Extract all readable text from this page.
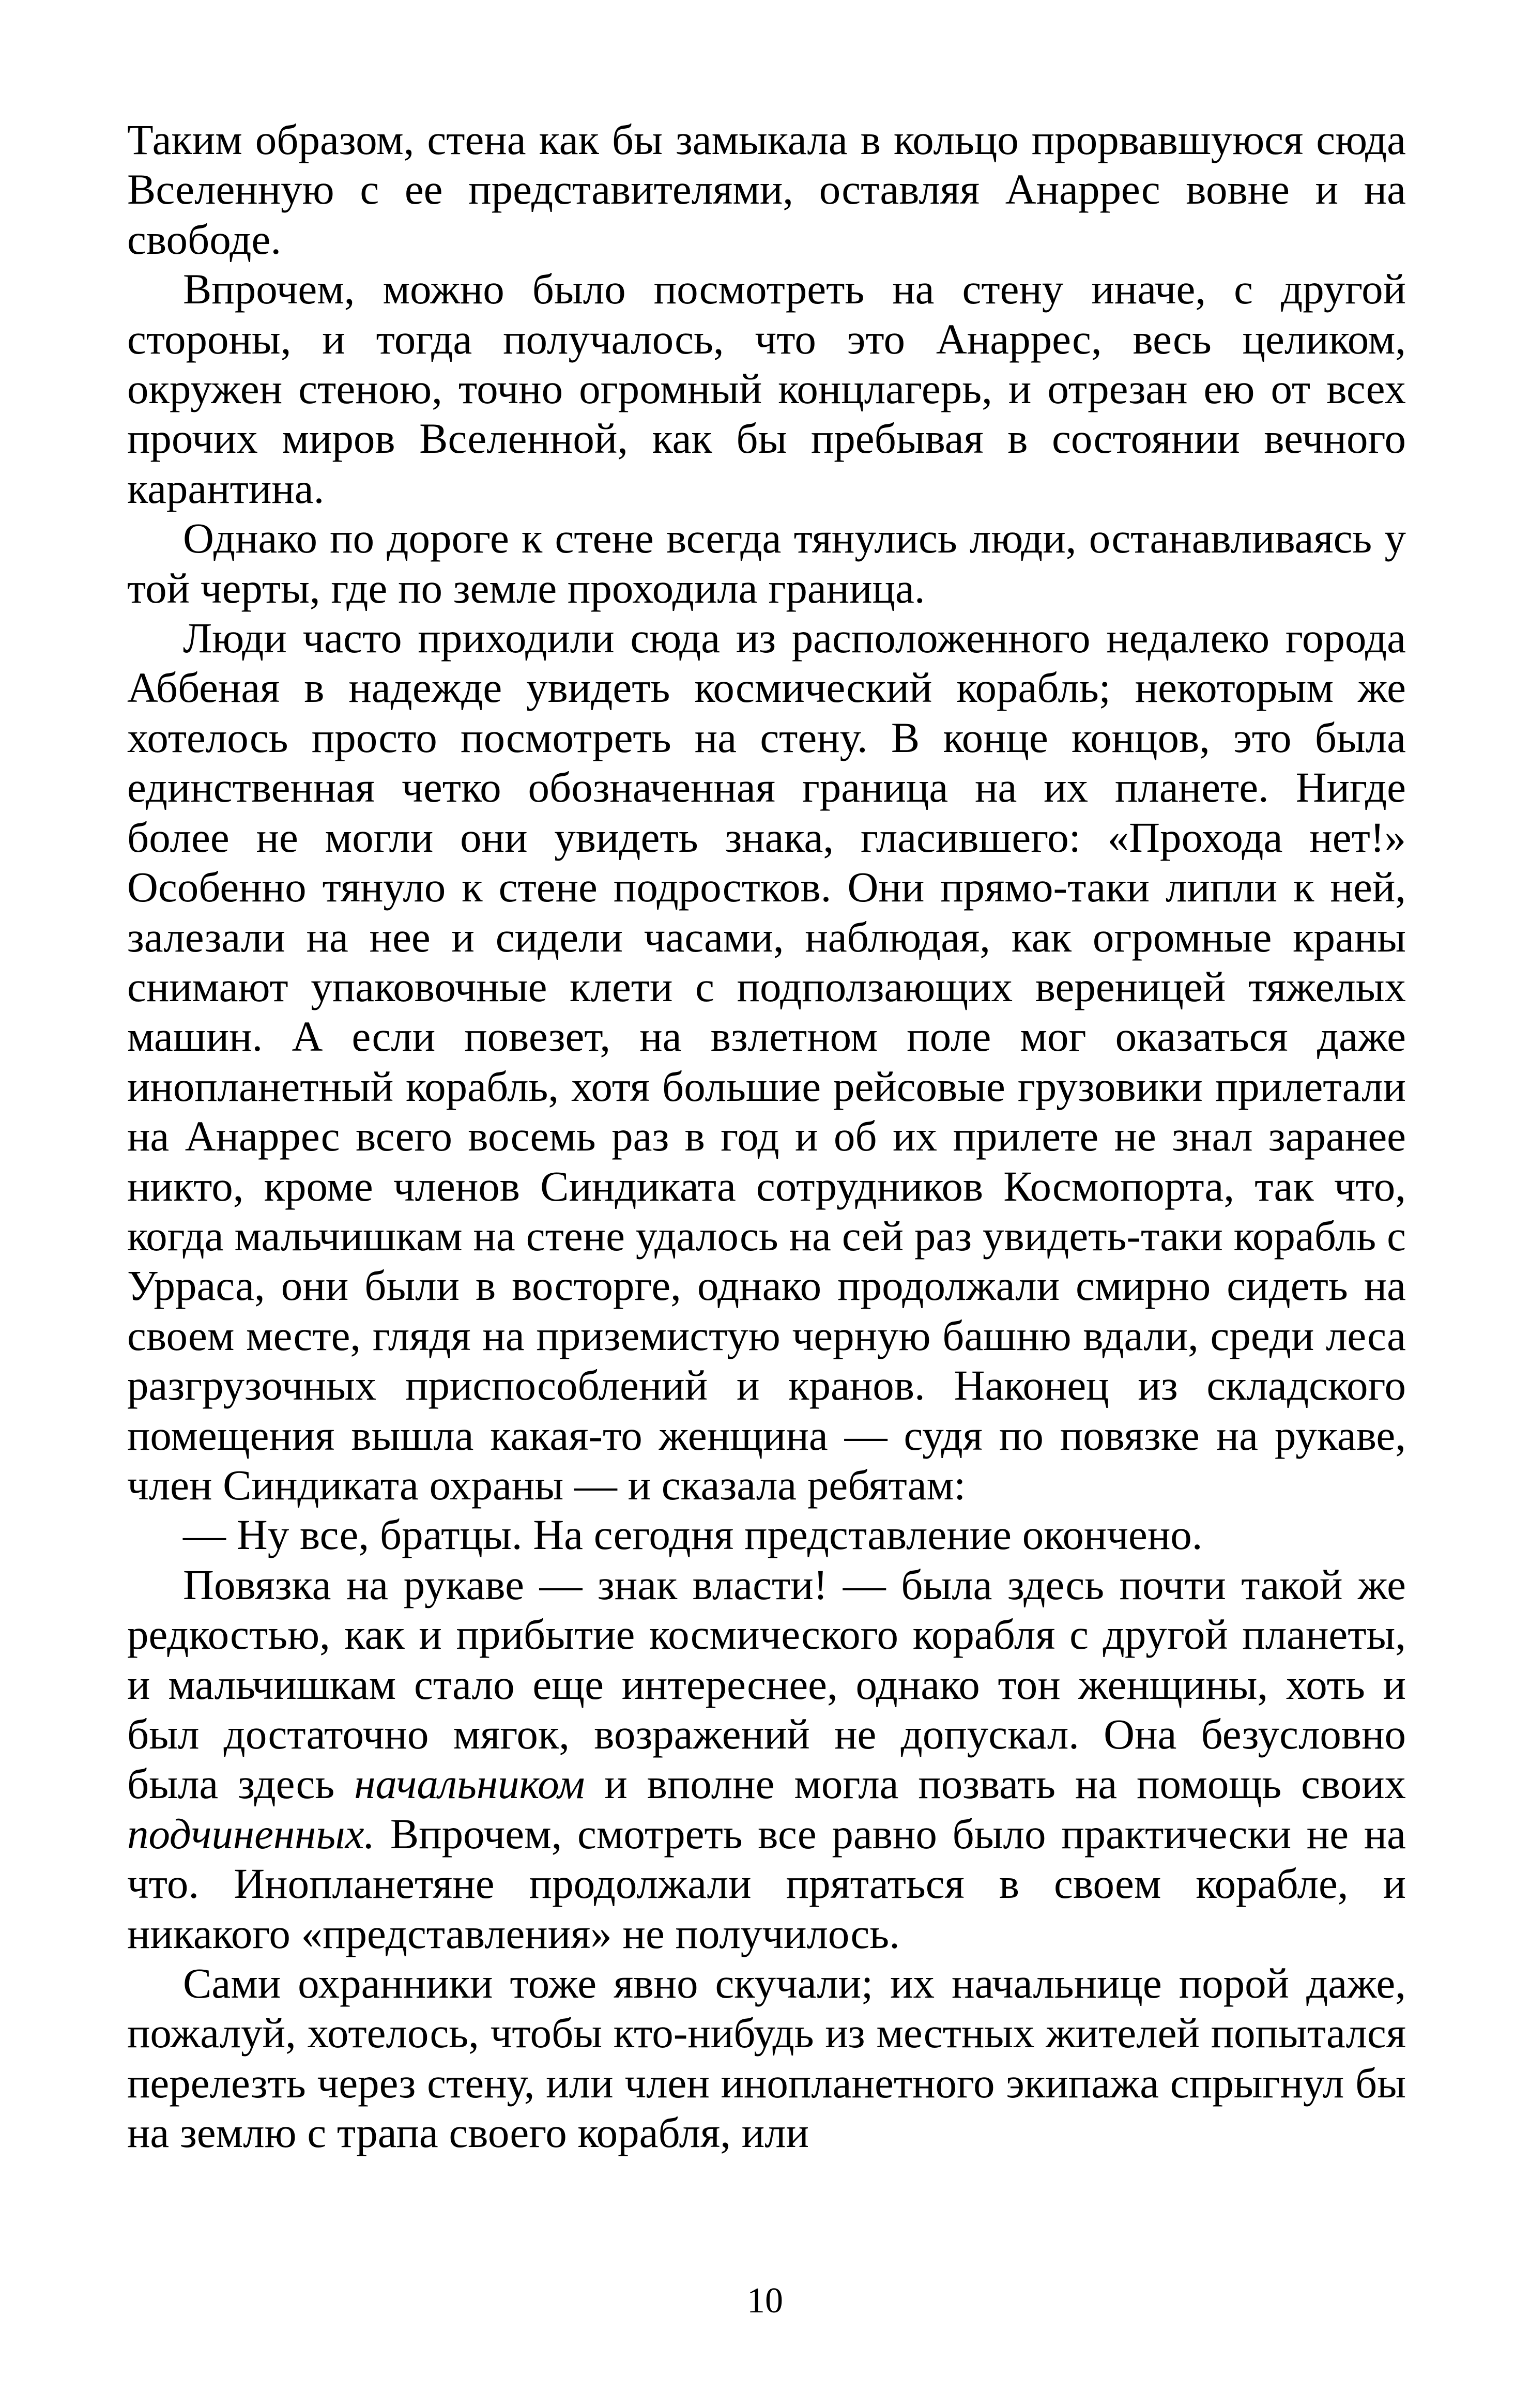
Таким образом, стена как бы замыкала в кольцо прорвавшуюся сюда Вселенную с ее представителями, оставляя Анаррес вовне и на свободе.

Впрочем, можно было посмотреть на стену иначе, с другой стороны, и тогда получалось, что это Анаррес, весь целиком, окружен стеною, точно огромный концлагерь, и отрезан ею от всех прочих миров Вселенной, как бы пребывая в состоянии вечного карантина.

Однако по дороге к стене всегда тянулись люди, останавливаясь у той черты, где по земле проходила граница.

Люди часто приходили сюда из расположенного недалеко города Аббеная в надежде увидеть космический корабль; некоторым же хотелось просто посмотреть на стену. В конце концов, это была единственная четко обозначенная граница на их планете. Нигде более не могли они увидеть знака, гласившего: «Прохода нет!» Особенно тянуло к стене подростков. Они прямо-таки липли к ней, залезали на нее и сидели часами, наблюдая, как огромные краны снимают упаковочные клети с подползающих вереницей тяжелых машин. А если повезет, на взлетном поле мог оказаться даже инопланетный корабль, хотя большие рейсовые грузовики прилетали на Анаррес всего восемь раз в год и об их прилете не знал заранее никто, кроме членов Синдиката сотрудников Космопорта, так что, когда мальчишкам на стене удалось на сей раз увидеть-таки корабль с Урраса, они были в восторге, однако продолжали смирно сидеть на своем месте, глядя на приземистую черную башню вдали, среди леса разгрузочных приспособлений и кранов. Наконец из складского помещения вышла какая-то женщина — судя по повязке на рукаве, член Синдиката охраны — и сказала ребятам:

— Ну все, братцы. На сегодня представление окончено.

Повязка на рукаве — знак власти! — была здесь почти такой же редкостью, как и прибытие космического корабля с другой планеты, и мальчишкам стало еще интереснее, однако тон женщины, хоть и был достаточно мягок, возражений не допускал. Она безусловно была здесь начальником и вполне могла позвать на помощь своих подчиненных. Впрочем, смотреть все равно было практически не на что. Инопланетяне продолжали прятаться в своем корабле, и никакого «представления» не получилось.

Сами охранники тоже явно скучали; их начальнице порой даже, пожалуй, хотелось, чтобы кто-нибудь из местных жителей попытался перелезть через стену, или член инопланетного экипажа спрыгнул бы на землю с трапа своего корабля, или

10
